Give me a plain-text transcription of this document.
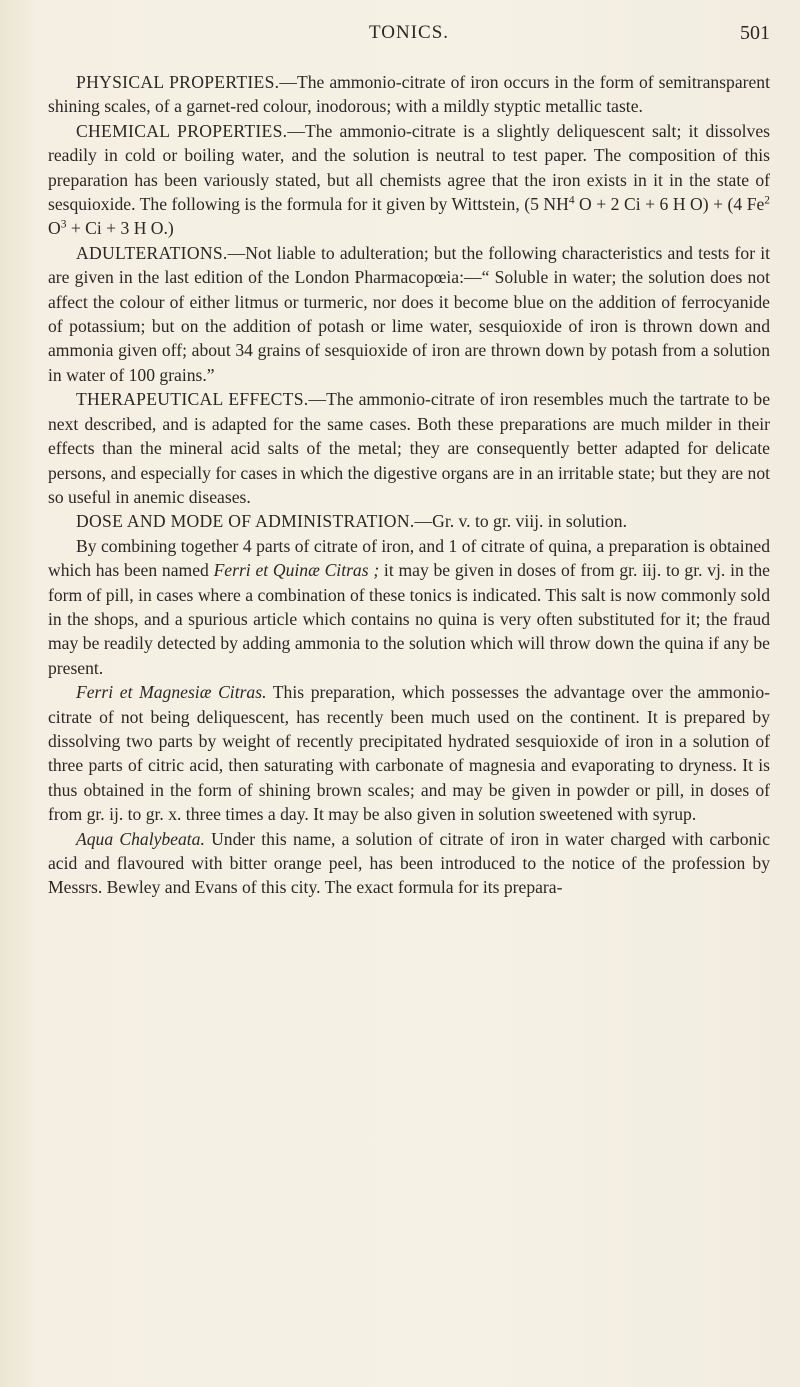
TONICS.	501

PHYSICAL PROPERTIES.—The ammonio-citrate of iron occurs in the form of semitransparent shining scales, of a garnet-red colour, inodorous; with a mildly styptic metallic taste.

CHEMICAL PROPERTIES.—The ammonio-citrate is a slightly deliquescent salt; it dissolves readily in cold or boiling water, and the solution is neutral to test paper. The composition of this preparation has been variously stated, but all chemists agree that the iron exists in it in the state of sesquioxide. The following is the formula for it given by Wittstein, (5 $NH^4$ O + 2 Ci + 6 H O) + (4 Fe$^2$ $O^3 + Ci + 3$ H O.)

ADULTERATIONS.—Not liable to adulteration; but the following characteristics and tests for it are given in the last edition of the London Pharmacopœia:—“ Soluble in water; the solution does not affect the colour of either litmus or turmeric, nor does it become blue on the addition of ferrocyanide of potassium; but on the addition of potash or lime water, sesquioxide of iron is thrown down and ammonia given off; about 34 grains of sesquioxide of iron are thrown down by potash from a solution in water of 100 grains.”

THERAPEUTICAL EFFECTS.—The ammonio-citrate of iron resembles much the tartrate to be next described, and is adapted for the same cases. Both these preparations are much milder in their effects than the mineral acid salts of the metal; they are consequently better adapted for delicate persons, and especially for cases in which the digestive organs are in an irritable state; but they are not so useful in anemic diseases.

DOSE AND MODE OF ADMINISTRATION.—Gr. v. to gr. viij. in solution.

By combining together 4 parts of citrate of iron, and 1 of citrate of quina, a preparation is obtained which has been named Ferri et Quinæ Citras ; it may be given in doses of from gr. iij. to gr. vj. in the form of pill, in cases where a combination of these tonics is indicated. This salt is now commonly sold in the shops, and a spurious article which contains no quina is very often substituted for it; the fraud may be readily detected by adding ammonia to the solution which will throw down the quina if any be present.

Ferri et Magnesiæ Citras. This preparation, which possesses the advantage over the ammonio-citrate of not being deliquescent, has recently been much used on the continent. It is prepared by dissolving two parts by weight of recently precipitated hydrated sesquioxide of iron in a solution of three parts of citric acid, then saturating with carbonate of magnesia and evaporating to dryness. It is thus obtained in the form of shining brown scales; and may be given in powder or pill, in doses of from gr. ij. to gr. x. three times a day. It may be also given in solution sweetened with syrup.

Aqua Chalybeata. Under this name, a solution of citrate of iron in water charged with carbonic acid and flavoured with bitter orange peel, has been introduced to the notice of the profession by Messrs. Bewley and Evans of this city. The exact formula for its prepara-
